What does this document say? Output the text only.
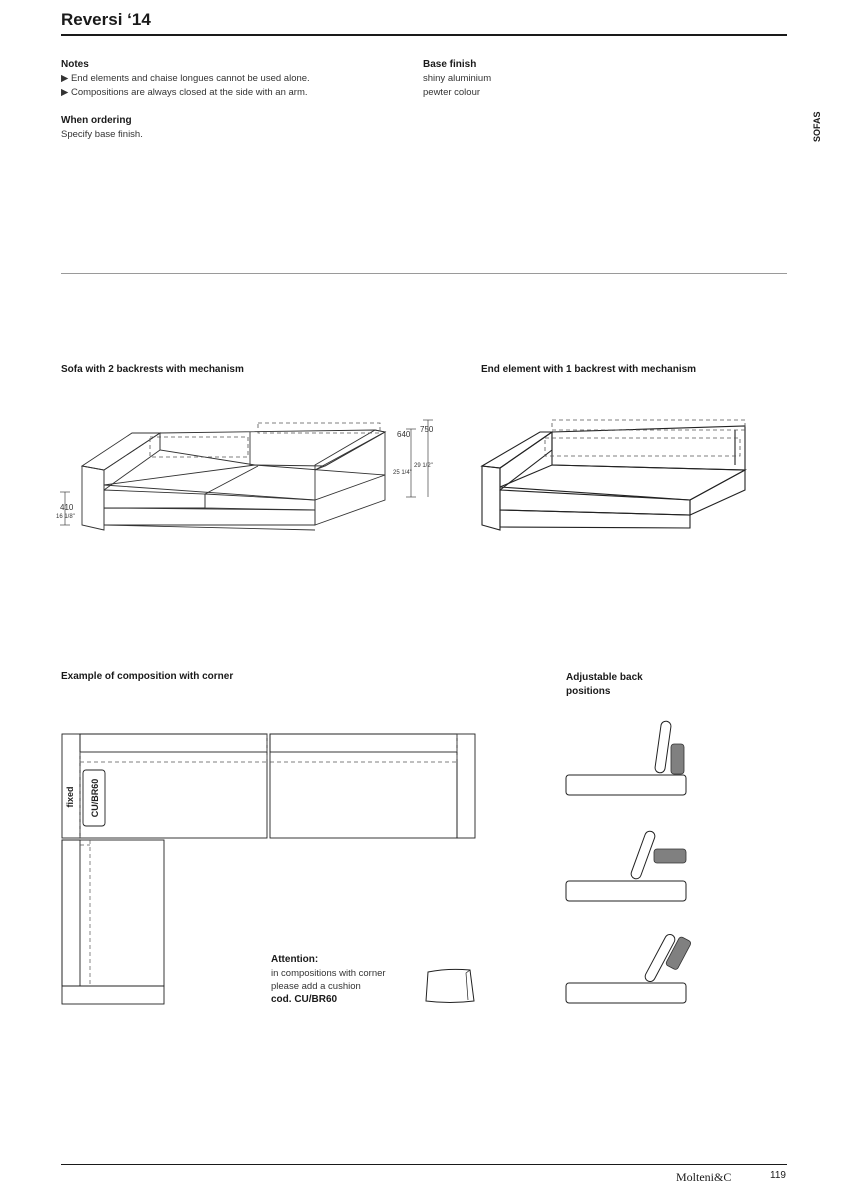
Reversi ‘14
SOFAS
Notes
▶ End elements and chaise longues cannot be used alone.
▶ Compositions are always closed at the side with an arm.
When ordering
Specify base finish.
Base finish
shiny aluminium
pewter colour
Sofa with 2 backrests with mechanism	End element with 1 backrest with mechanism
Example of composition with corner	Adjustable back
positions
410
16 1/8"
640
25 1/4"
750
29 1/2"
fixed CU/BR60
Attention:
in compositions with corner
please add a cushion
cod. CU/BR60
Molteni&C	119
